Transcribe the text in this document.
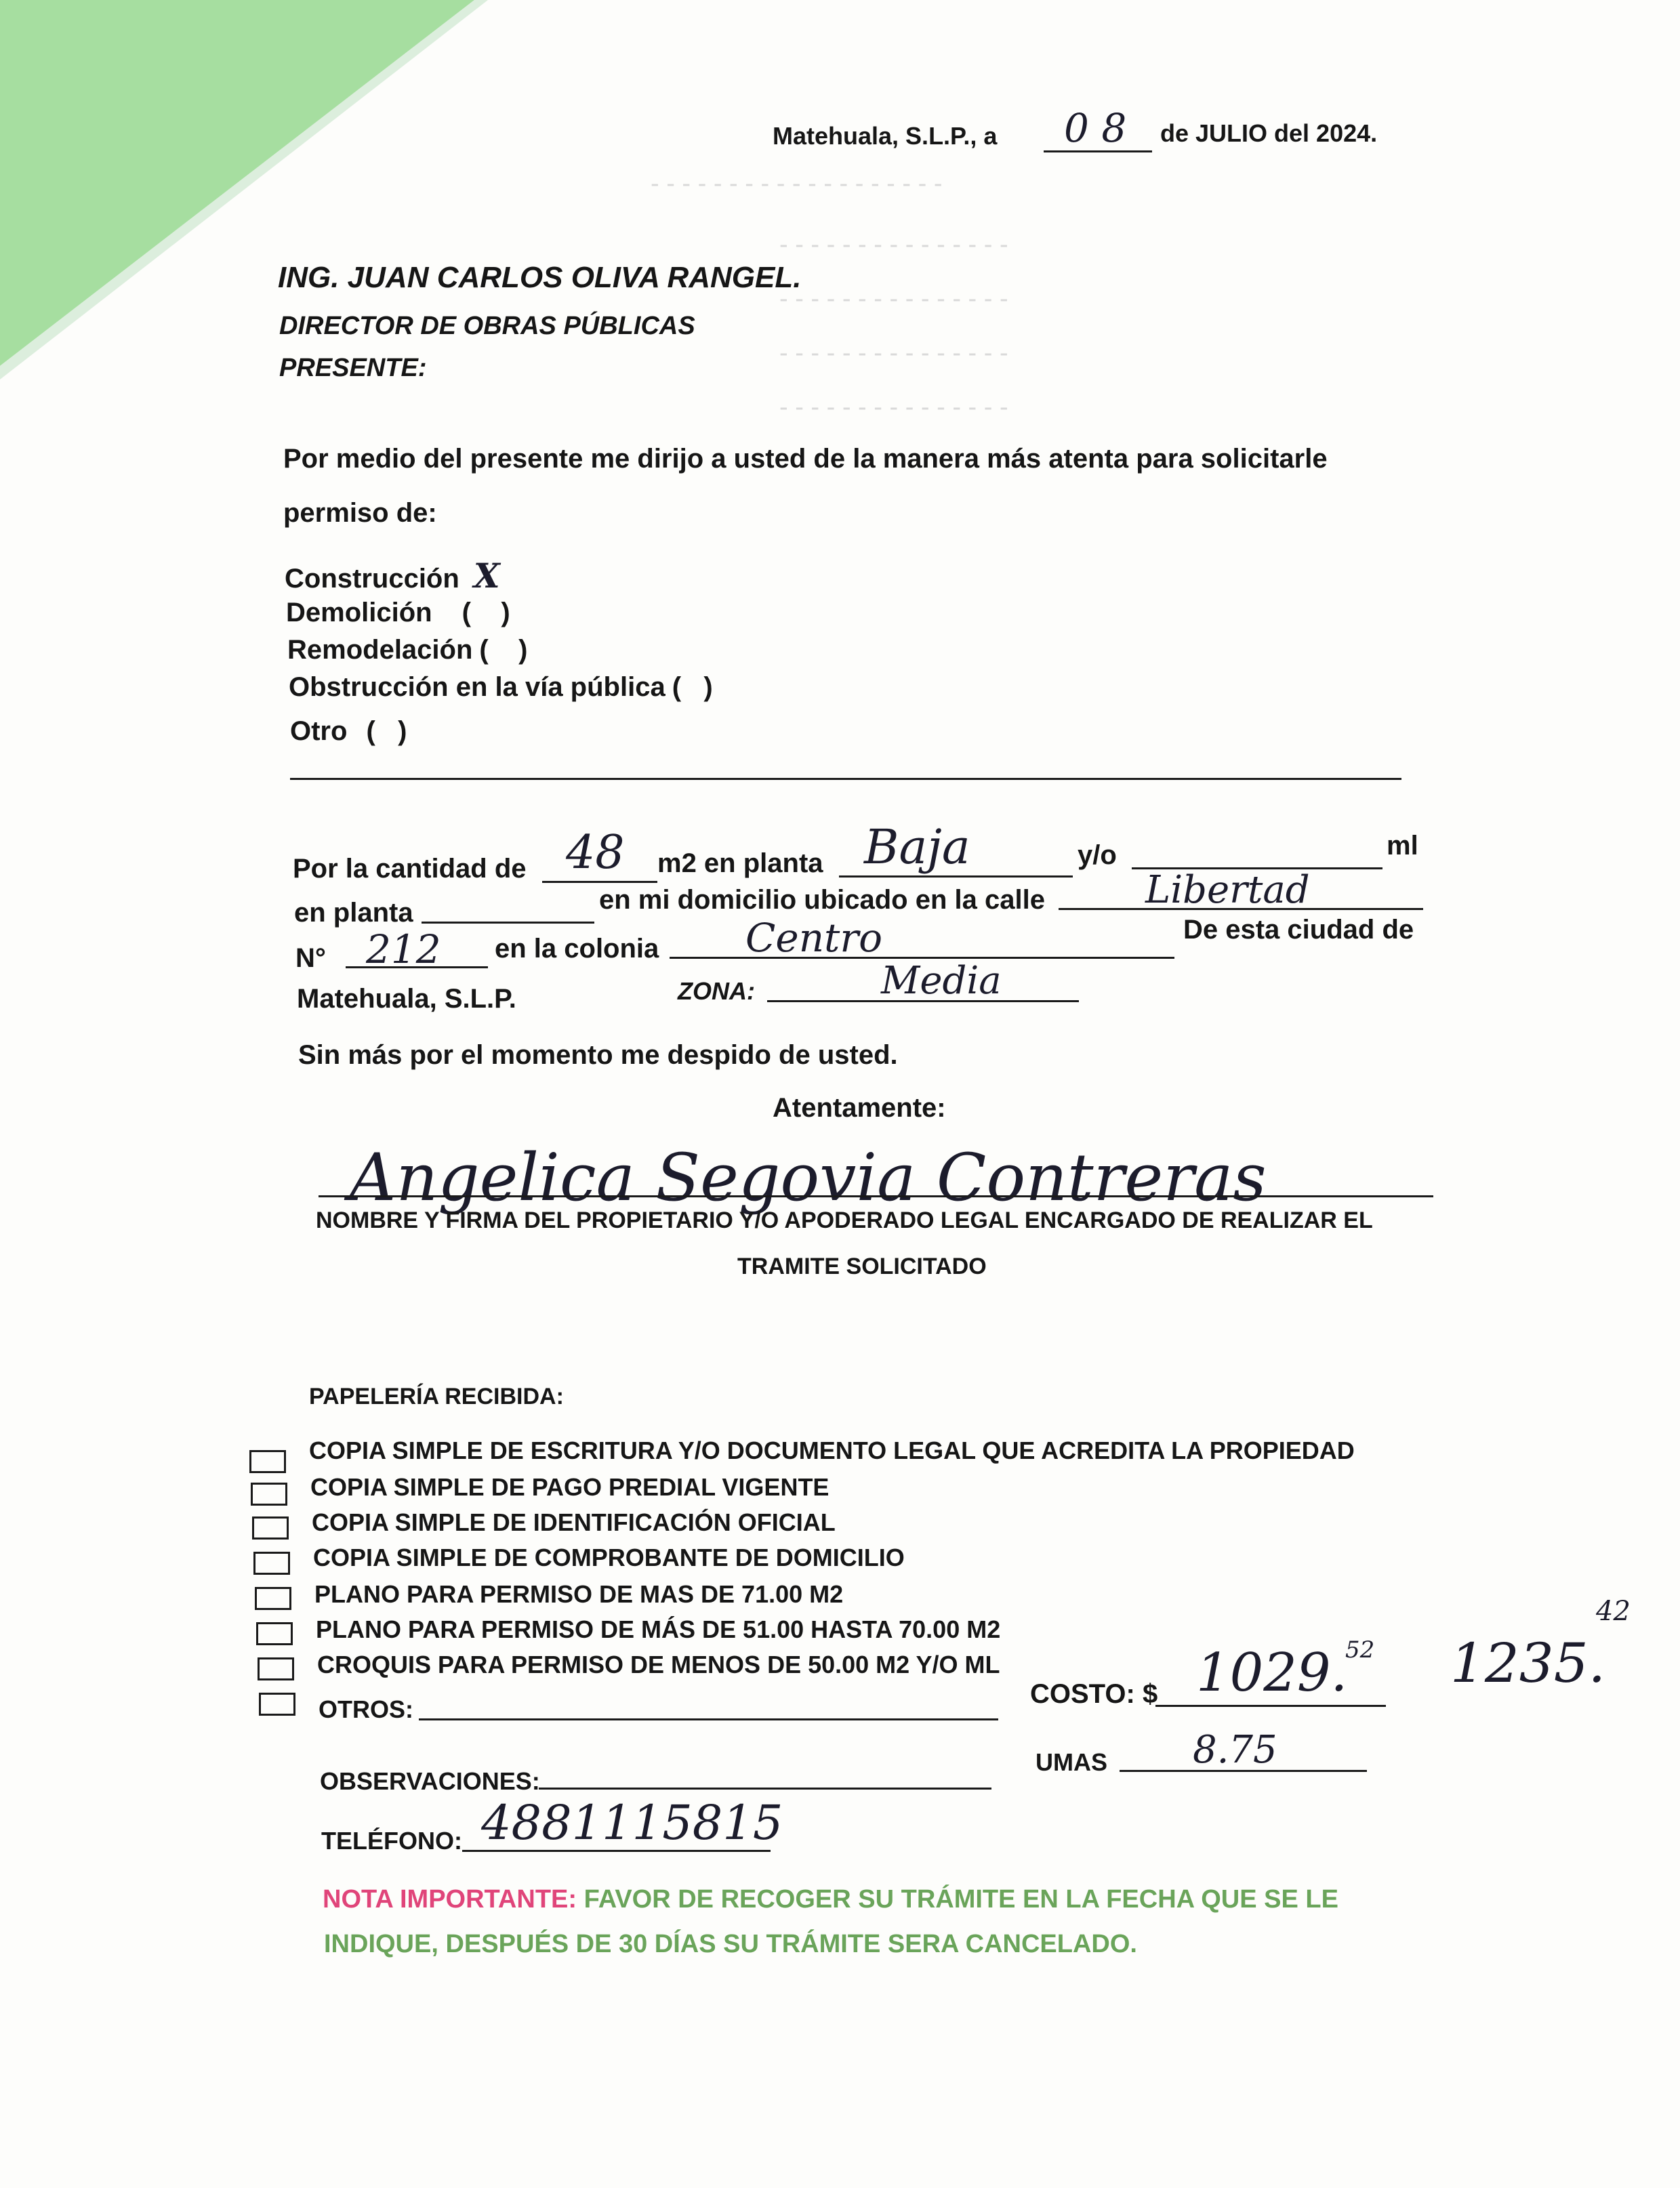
- - - - - - - - - - - - - - - - - - -
- - - - - - - - - - - - - - -
- - - - - - - - - - - - - - -
- - - - - - - - - - - - - - -
- - - - - - - - - - - - - - -
Matehuala, S.L.P., a 0 8 de JULIO del 2024.
ING. JUAN CARLOS OLIVA RANGEL.
DIRECTOR DE OBRAS PÚBLICAS
PRESENTE:
Por medio del presente me dirijo a usted de la manera más atenta para solicitarle
permiso de:
Construcción X
Demolición (    )
Remodelación (    )
Obstrucción en la vía pública (   )
Otro (   )
Por la cantidad de 48 m2 en planta Baja	y/o	ml
en planta	en mi domicilio ubicado en la calle	Libertad
N° 212 en la colonia Centro	De esta ciudad de
Matehuala, S.L.P.	ZONA:	Media
Sin más por el momento me despido de usted.
Atentamente:
Angelica Segovia Contreras
NOMBRE Y FIRMA DEL PROPIETARIO Y/O APODERADO LEGAL ENCARGADO DE REALIZAR EL
TRAMITE SOLICITADO
PAPELERÍA RECIBIDA:
COPIA SIMPLE DE ESCRITURA Y/O DOCUMENTO LEGAL QUE ACREDITA LA PROPIEDAD
COPIA SIMPLE DE PAGO PREDIAL VIGENTE
COPIA SIMPLE DE IDENTIFICACIÓN OFICIAL
COPIA SIMPLE DE COMPROBANTE DE DOMICILIO
PLANO PARA PERMISO DE MAS DE 71.00 M2
PLANO PARA PERMISO DE MÁS DE 51.00 HASTA 70.00 M2
CROQUIS PARA PERMISO DE MENOS DE 50.00 M2 Y/O ML
OTROS:
COSTO: $ 1029.
52 1235.
42
UMAS 8.75
OBSERVACIONES:
TELÉFONO: 4881115815
NOTA IMPORTANTE: FAVOR DE RECOGER SU TRÁMITE EN LA FECHA QUE SE LE
INDIQUE, DESPUÉS DE 30 DÍAS SU TRÁMITE SERA CANCELADO.
